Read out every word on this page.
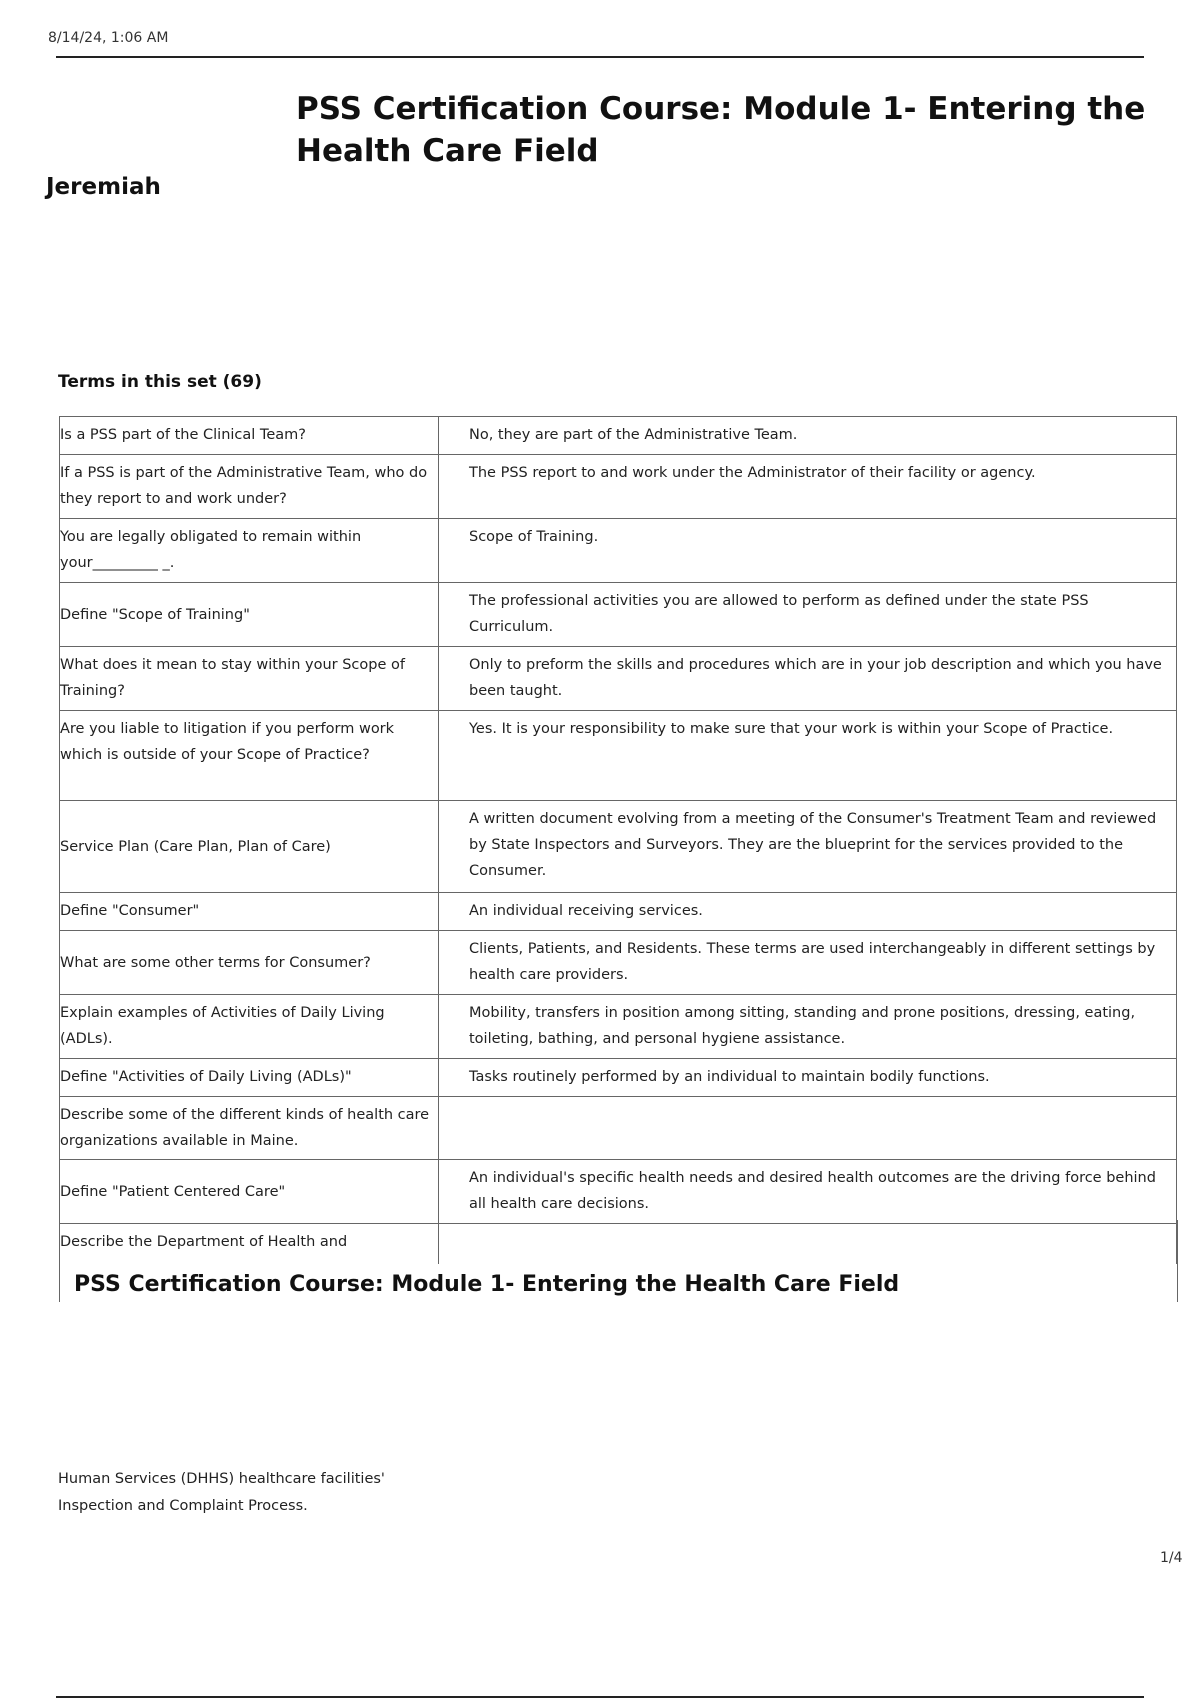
8/14/24, 1:06 AM
PSS Certification Course: Module 1- Entering the Health Care Field
Jeremiah
Terms in this set (69)
Is a PSS part of the Clinical Team?	No, they are part of the Administrative Team.
If a PSS is part of the Administrative Team, who do they report to and work under?	The PSS report to and work under the Administrator of their facility or agency.
You are legally obligated to remain within your_________ _.	Scope of Training.
Define "Scope of Training"	The professional activities you are allowed to perform as defined under the state PSS Curriculum.
What does it mean to stay within your Scope of Training?	Only to preform the skills and procedures which are in your job description and which you have been taught.
Are you liable to litigation if you perform work which is outside of your Scope of Practice?	Yes. It is your responsibility to make sure that your work is within your Scope of Practice.
Service Plan (Care Plan, Plan of Care)	A written document evolving from a meeting of the Consumer's Treatment Team and reviewed by State Inspectors and Surveyors. They are the blueprint for the services provided to the Consumer.
Define "Consumer"	An individual receiving services.
What are some other terms for Consumer?	Clients, Patients, and Residents. These terms are used interchangeably in different settings by health care providers.
Explain examples of Activities of Daily Living (ADLs).	Mobility, transfers in position among sitting, standing and prone positions, dressing, eating, toileting, bathing, and personal hygiene assistance.
Define "Activities of Daily Living (ADLs)"	Tasks routinely performed by an individual to maintain bodily functions.
Describe some of the different kinds of health care organizations available in Maine.	
Define "Patient Centered Care"	An individual's specific health needs and desired health outcomes are the driving force behind all health care decisions.
Describe the Department of Health and	
PSS Certification Course: Module 1- Entering the Health Care Field

Human Services (DHHS) healthcare facilities' Inspection and Complaint Process.

1/4
